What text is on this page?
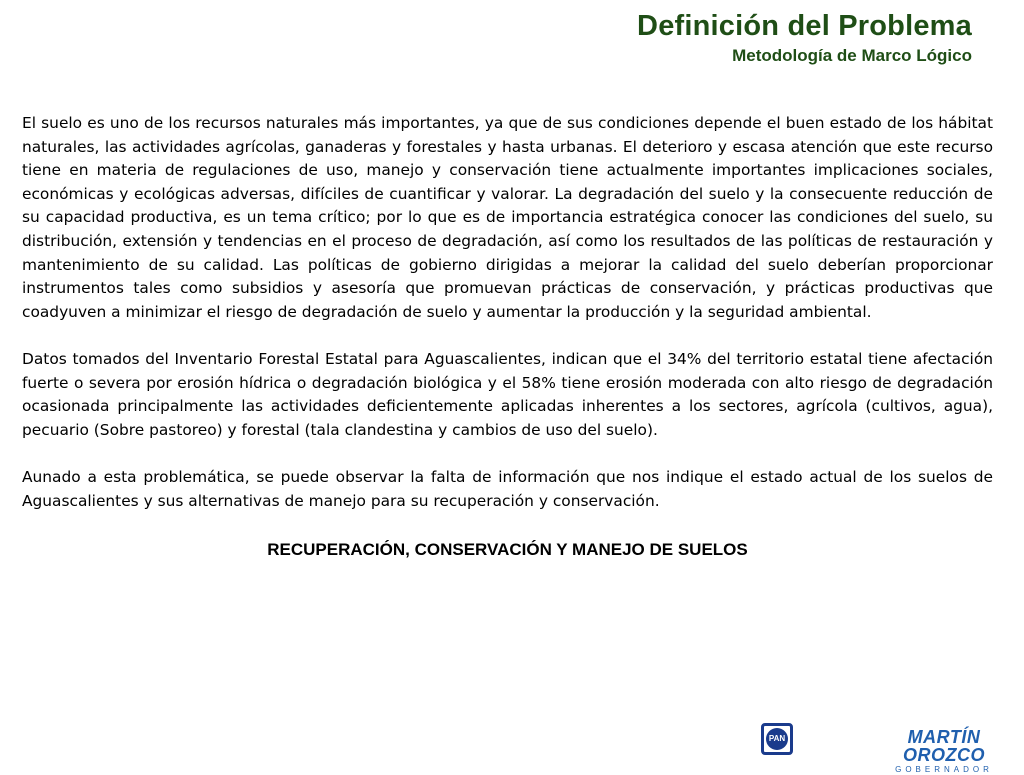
Definición del Problema
Metodología de Marco Lógico

El suelo es uno de los recursos naturales más importantes, ya que de sus condiciones depende el buen estado de los hábitat naturales, las actividades agrícolas, ganaderas y forestales y hasta urbanas. El deterioro y escasa atención que este recurso tiene en materia de regulaciones de uso, manejo y conservación tiene actualmente importantes implicaciones sociales, económicas y ecológicas adversas, difíciles de cuantificar y valorar. La degradación del suelo y la consecuente reducción de su capacidad productiva, es un tema crítico; por lo que es de importancia estratégica conocer las condiciones del suelo, su distribución, extensión y tendencias en el proceso de degradación, así como los resultados de las políticas de restauración y mantenimiento de su calidad. Las políticas de gobierno dirigidas a mejorar la calidad del suelo deberían proporcionar instrumentos tales como subsidios y asesoría que promuevan prácticas de conservación, y prácticas productivas que coadyuven a minimizar el riesgo de degradación de suelo y aumentar la producción y la seguridad ambiental.

Datos tomados del Inventario Forestal Estatal para Aguascalientes, indican que el 34% del territorio estatal tiene afectación fuerte o severa por erosión hídrica o degradación biológica y el 58% tiene erosión moderada con alto riesgo de degradación ocasionada principalmente las actividades deficientemente aplicadas inherentes a los sectores, agrícola (cultivos, agua), pecuario (Sobre pastoreo) y forestal (tala clandestina y cambios de uso del suelo).

Aunado a esta problemática, se puede observar la falta de información que nos indique el estado actual de los suelos de Aguascalientes y sus alternativas de manejo para su recuperación y conservación.

RECUPERACIÓN, CONSERVACIÓN Y MANEJO DE SUELOS
PAN	MARTÍN OROZCO
GOBERNADOR
